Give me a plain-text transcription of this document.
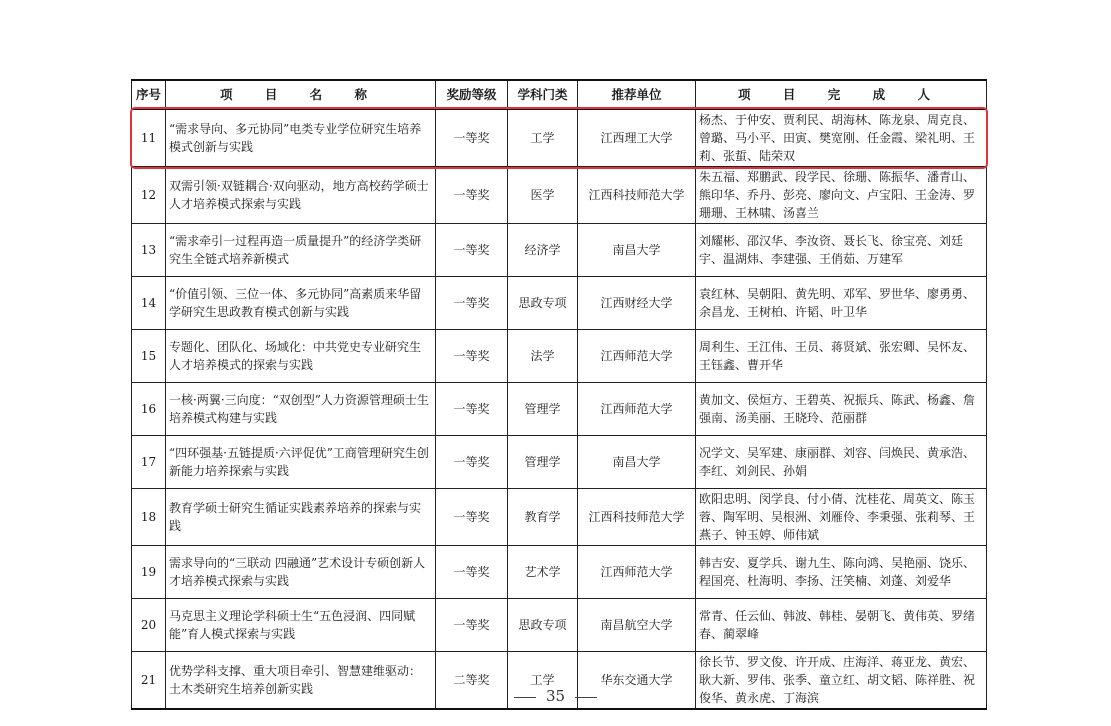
序号	项 目 名 称	奖励等级	学科门类	推荐单位	项 目 完 成 人
11	“需求导向、多元协同”电类专业学位研究生培养模式创新与实践	一等奖	工学	江西理工大学	杨杰、于仲安、贾利民、胡海林、陈龙泉、周克良、曾璐、马小平、田寅、樊宽刚、任金霞、梁礼明、王莉、张蜇、陆荣双
12	双需引领·双链耦合·双向驱动，地方高校药学硕士人才培养模式探索与实践	一等奖	医学	江西科技师范大学	朱五福、郑鹏武、段学民、徐珊、陈振华、潘青山、熊印华、乔丹、彭亮、廖向文、卢宝阳、王金涛、罗珊珊、王林啸、汤喜兰
13	“需求牵引一过程再造一质量提升”的经济学类研究生全链式培养新模式	一等奖	经济学	南昌大学	刘耀彬、邵汉华、李汝资、聂长飞、徐宝亮、刘廷宇、温湖炜、李建强、王俏茹、万建军
14	“价值引领、三位一体、多元协同”高素质来华留学研究生思政教育模式创新与实践	一等奖	思政专项	江西财经大学	袁红林、吴朝阳、黄先明、邓军、罗世华、廖勇勇、余昌龙、王树柏、许韬、叶卫华
15	专题化、团队化、场域化：中共党史专业研究生人才培养模式的探索与实践	一等奖	法学	江西师范大学	周利生、王江伟、王员、蒋贤斌、张宏卿、吴怀友、王钰鑫、曹开华
16	一核·两翼·三向度：“双创型”人力资源管理硕士生培养模式构建与实践	一等奖	管理学	江西师范大学	黄加文、侯烜方、王碧英、祝振兵、陈武、杨鑫、詹强南、汤美丽、王晓玲、范丽群
17	“四环强基·五链提质·六评促优”工商管理研究生创新能力培养探索与实践	一等奖	管理学	南昌大学	况学文、吴军建、康丽群、刘容、闫焕民、黄承浩、李红、刘剑民、孙娟
18	教育学硕士研究生循证实践素养培养的探索与实践	一等奖	教育学	江西科技师范大学	欧阳忠明、闵学良、付小倩、沈桂花、周英文、陈玉蓉、陶军明、吴根洲、刘雁伶、李秉强、张莉琴、王燕子、钟玉婷、师伟斌
19	需求导向的“三联动 四融通”艺术设计专硕创新人才培养模式探索与实践	一等奖	艺术学	江西师范大学	韩吉安、夏学兵、谢九生、陈向鸿、吴艳丽、饶乐、程国亮、杜海明、李扬、汪笑楠、刘蓬、刘爱华
20	马克思主义理论学科硕士生“五色浸润、四同赋能”育人模式探索与实践	一等奖	思政专项	南昌航空大学	常青、任云仙、韩波、韩桂、晏朝飞、黄伟英、罗绪春、蔺翠峰
21	优势学科支撑、重大项目牵引、智慧建维驱动：土木类研究生培养创新实践	二等奖	工学	华东交通大学	徐长节、罗文俊、许开成、庄海洋、蒋亚龙、黄宏、耿大新、罗伟、张季、童立红、胡文韬、陈祥胜、祝俊华、黄永虎、丁海滨
35
